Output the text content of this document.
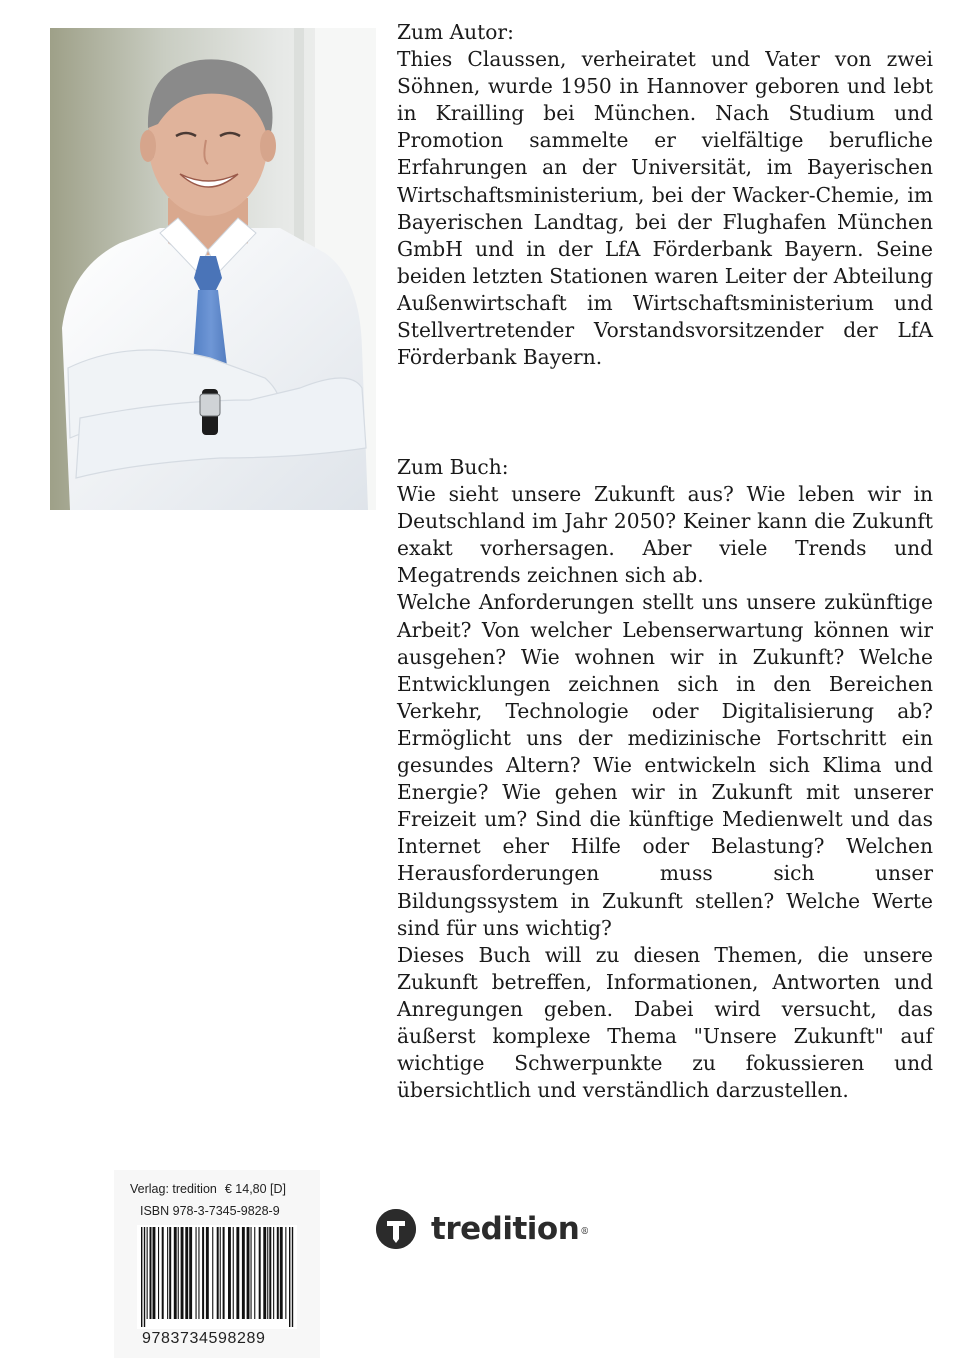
Zum Autor:

Thies Claussen, verheiratet und Vater von zwei Söhnen, wurde 1950 in Hannover geboren und lebt in Krailling bei München. Nach Studium und Promotion sammelte er vielfältige berufliche Erfahrungen an der Universität, im Bayerischen Wirtschaftsministerium, bei der Wacker-Chemie, im Bayerischen Landtag, bei der Flughafen München GmbH und in der LfA Förderbank Bayern. Seine beiden letzten Stationen waren Leiter der Abteilung Außenwirtschaft im Wirtschaftsministerium und Stellvertretender Vorstandsvorsitzender der LfA Förderbank Bayern.

Zum Buch:

Wie sieht unsere Zukunft aus? Wie leben wir in Deutschland im Jahr 2050? Keiner kann die Zukunft exakt vorhersagen. Aber viele Trends und Megatrends zeichnen sich ab.

Welche Anforderungen stellt uns unsere zukünftige Arbeit? Von welcher Lebenserwartung können wir ausgehen? Wie wohnen wir in Zukunft? Welche Entwicklungen zeichnen sich in den Bereichen Verkehr, Technologie oder Digitalisierung ab? Ermöglicht uns der medizinische Fortschritt ein gesundes Altern? Wie entwickeln sich Klima und Energie? Wie gehen wir in Zukunft mit unserer Freizeit um? Sind die künftige Medienwelt und das Internet eher Hilfe oder Belastung? Welchen Herausforderungen muss sich unser Bildungssystem in Zukunft stellen? Welche Werte sind für uns wichtig?

Dieses Buch will zu diesen Themen, die unsere Zukunft betreffen, Informationen, Antworten und Anregungen geben. Dabei wird versucht, das äußerst komplexe Thema "Unsere Zukunft" auf wichtige Schwerpunkte zu fokussieren und übersichtlich und verständlich darzustellen.

Verlag: tredition € 14,80 [D]
ISBN 978-3-7345-9828-9
9783734598289
tredition ®
